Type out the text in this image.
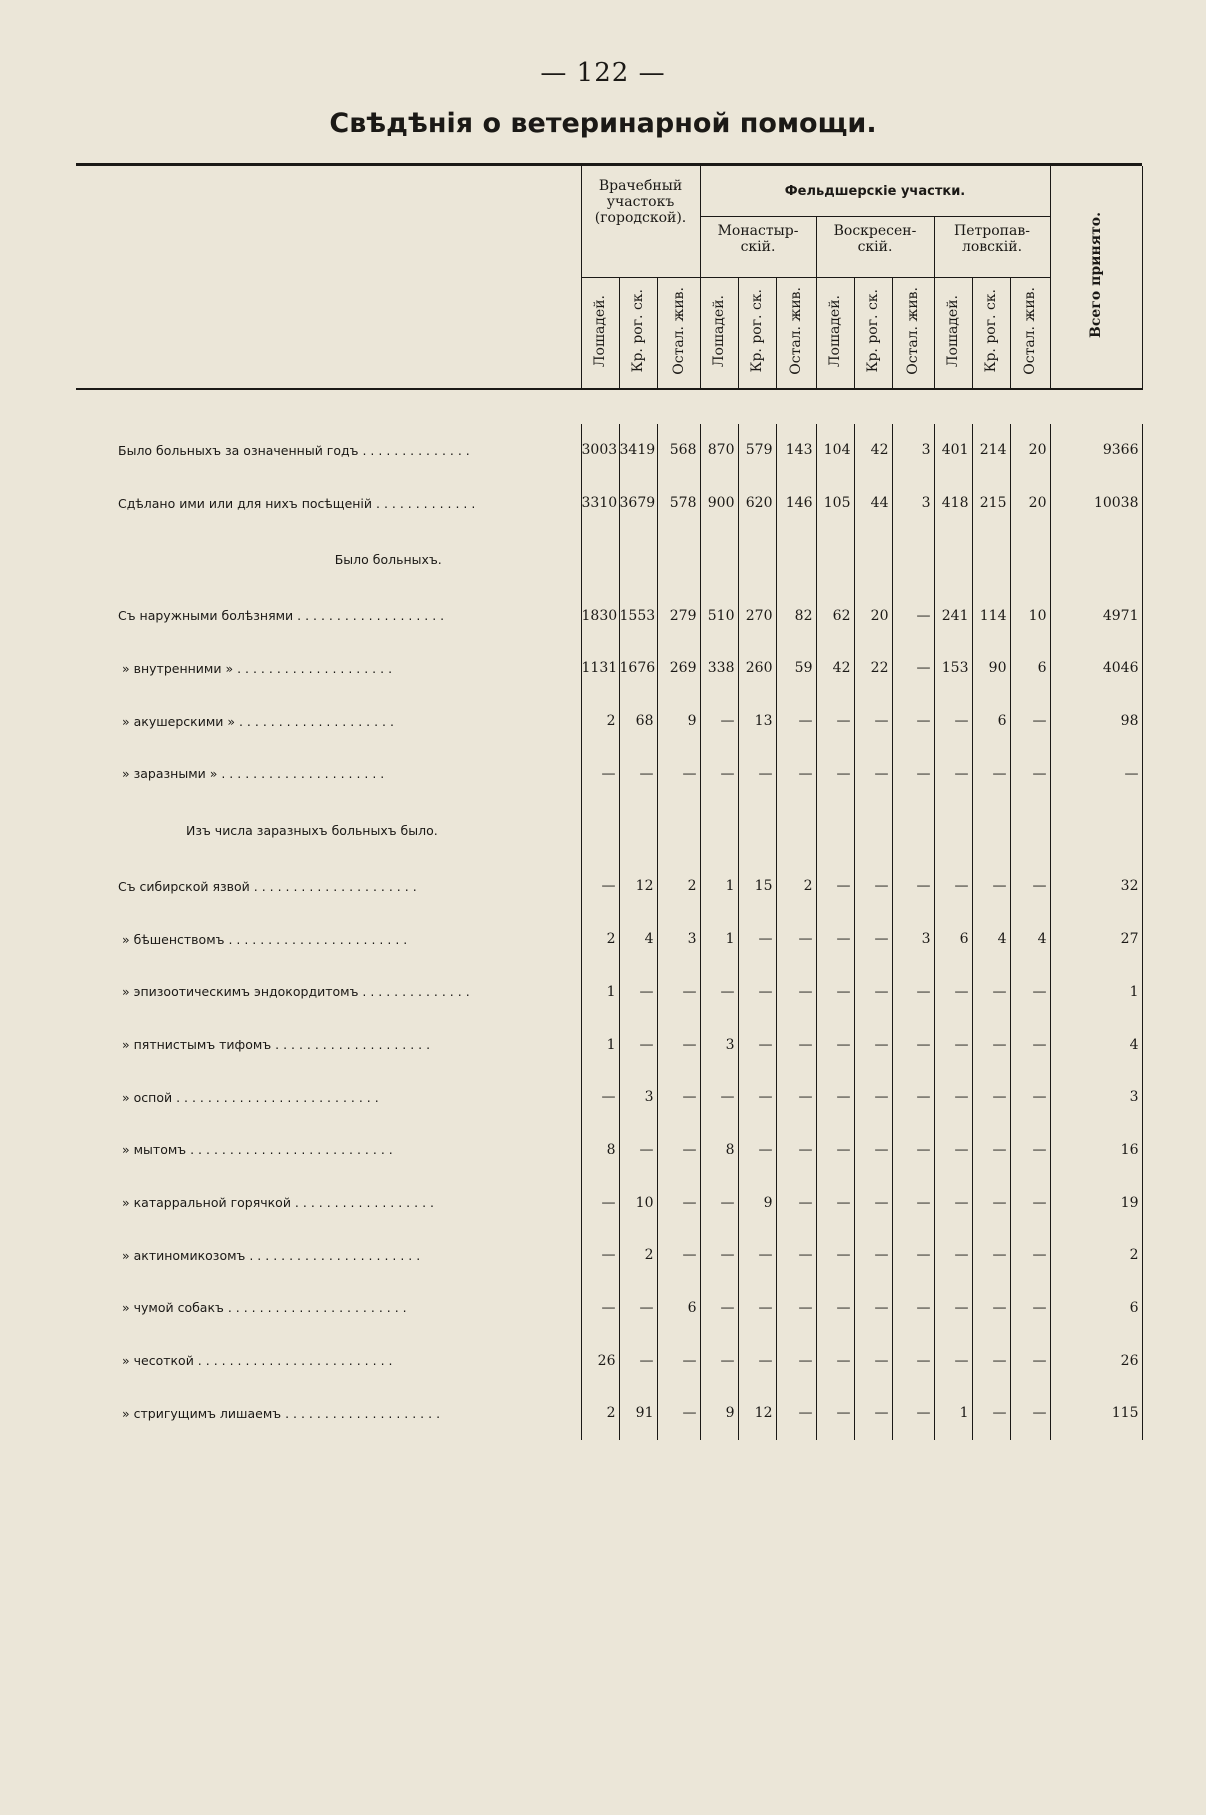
— 122 —
Свѣдѣнія о ветеринарной помощи.

	Врачебный участокъ (городской).			Фельдшерскіе участки.									Всего принято.
				Монастыр-скій.			Воскресен-скій.			Петропав-ловскій.			
	Лошадей.	Кр. рог. ск.	Остал. жив.	Лошадей.	Кр. рог. ск.	Остал. жив.	Лошадей.	Кр. рог. ск.	Остал. жив.	Лошадей.	Кр. рог. ск.	Остал. жив.	

Было больныхъ за означенный годъ . . . . . . . . . . . . . .	3003	3419	568	870	579	143	104	42	3	401	214	20	9366
Сдѣлано ими или для нихъ посѣщеній . . . . . . . . . . . . .	3310	3679	578	900	620	146	105	44	3	418	215	20	10038
Было больныхъ.													
Съ наружными болѣзнями . . . . . . . . . . . . . . . . . . .	1830	1553	279	510	270	82	62	20	—	241	114	10	4971
» внутренними » . . . . . . . . . . . . . . . . . . . .	1131	1676	269	338	260	59	42	22	—	153	90	6	4046
» акушерскими » . . . . . . . . . . . . . . . . . . . .	2	68	9	—	13	—	—	—	—	—	6	—	98
» заразными » . . . . . . . . . . . . . . . . . . . . .	—	—	—	—	—	—	—	—	—	—	—	—	—
Изъ числа заразныхъ больныхъ было.													
Съ сибирской язвой . . . . . . . . . . . . . . . . . . . . .	—	12	2	1	15	2	—	—	—	—	—	—	32
» бѣшенствомъ . . . . . . . . . . . . . . . . . . . . . . .	2	4	3	1	—	—	—	—	3	6	4	4	27
» эпизоотическимъ эндокордитомъ . . . . . . . . . . . . . .	1	—	—	—	—	—	—	—	—	—	—	—	1
» пятнистымъ тифомъ . . . . . . . . . . . . . . . . . . . .	1	—	—	3	—	—	—	—	—	—	—	—	4
» оспой . . . . . . . . . . . . . . . . . . . . . . . . . .	—	3	—	—	—	—	—	—	—	—	—	—	3
» мытомъ . . . . . . . . . . . . . . . . . . . . . . . . . .	8	—	—	8	—	—	—	—	—	—	—	—	16
» катарральной горячкой . . . . . . . . . . . . . . . . . .	—	10	—	—	9	—	—	—	—	—	—	—	19
» актиномикозомъ . . . . . . . . . . . . . . . . . . . . . .	—	2	—	—	—	—	—	—	—	—	—	—	2
» чумой собакъ . . . . . . . . . . . . . . . . . . . . . . .	—	—	6	—	—	—	—	—	—	—	—	—	6
» чесоткой . . . . . . . . . . . . . . . . . . . . . . . . .	26	—	—	—	—	—	—	—	—	—	—	—	26
» стригущимъ лишаемъ . . . . . . . . . . . . . . . . . . . .	2	91	—	9	12	—	—	—	—	1	—	—	115
